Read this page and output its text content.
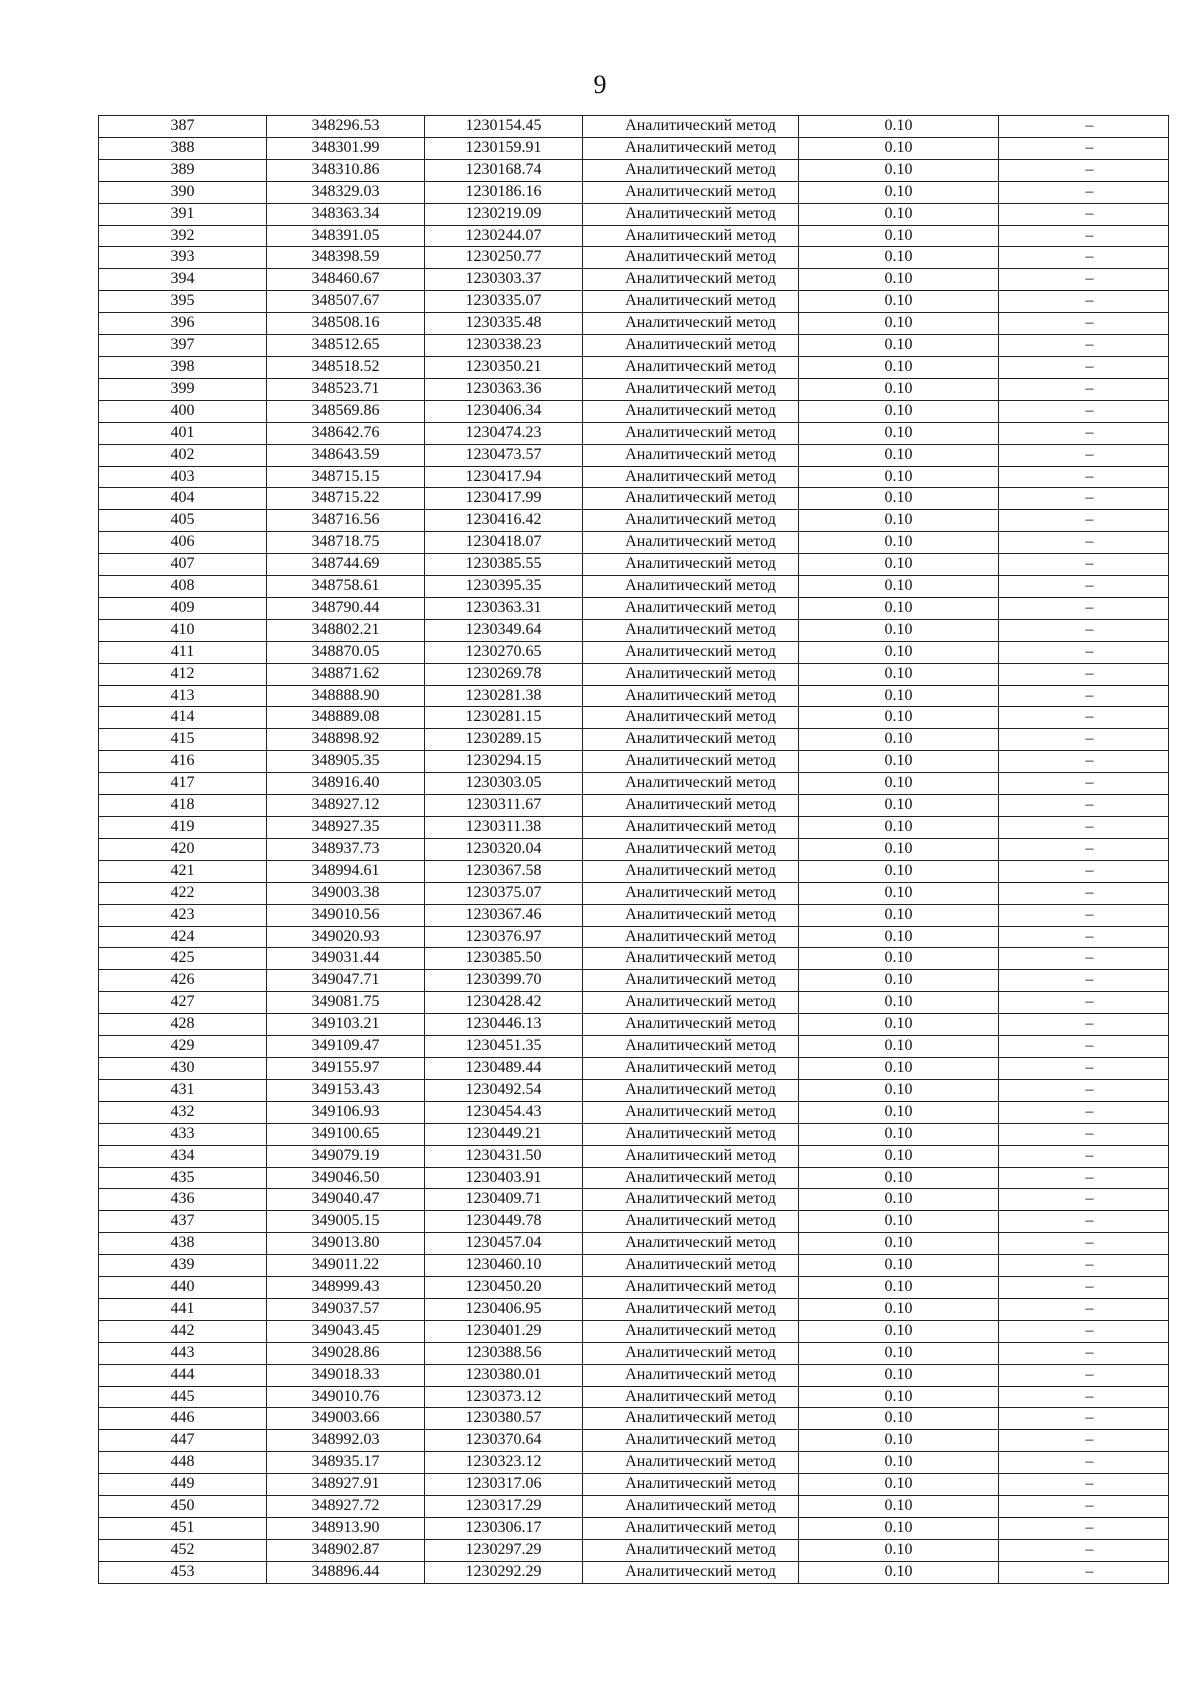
9
387	348296.53	1230154.45	Аналитический метод	0.10	–
388	348301.99	1230159.91	Аналитический метод	0.10	–
389	348310.86	1230168.74	Аналитический метод	0.10	–
390	348329.03	1230186.16	Аналитический метод	0.10	–
391	348363.34	1230219.09	Аналитический метод	0.10	–
392	348391.05	1230244.07	Аналитический метод	0.10	–
393	348398.59	1230250.77	Аналитический метод	0.10	–
394	348460.67	1230303.37	Аналитический метод	0.10	–
395	348507.67	1230335.07	Аналитический метод	0.10	–
396	348508.16	1230335.48	Аналитический метод	0.10	–
397	348512.65	1230338.23	Аналитический метод	0.10	–
398	348518.52	1230350.21	Аналитический метод	0.10	–
399	348523.71	1230363.36	Аналитический метод	0.10	–
400	348569.86	1230406.34	Аналитический метод	0.10	–
401	348642.76	1230474.23	Аналитический метод	0.10	–
402	348643.59	1230473.57	Аналитический метод	0.10	–
403	348715.15	1230417.94	Аналитический метод	0.10	–
404	348715.22	1230417.99	Аналитический метод	0.10	–
405	348716.56	1230416.42	Аналитический метод	0.10	–
406	348718.75	1230418.07	Аналитический метод	0.10	–
407	348744.69	1230385.55	Аналитический метод	0.10	–
408	348758.61	1230395.35	Аналитический метод	0.10	–
409	348790.44	1230363.31	Аналитический метод	0.10	–
410	348802.21	1230349.64	Аналитический метод	0.10	–
411	348870.05	1230270.65	Аналитический метод	0.10	–
412	348871.62	1230269.78	Аналитический метод	0.10	–
413	348888.90	1230281.38	Аналитический метод	0.10	–
414	348889.08	1230281.15	Аналитический метод	0.10	–
415	348898.92	1230289.15	Аналитический метод	0.10	–
416	348905.35	1230294.15	Аналитический метод	0.10	–
417	348916.40	1230303.05	Аналитический метод	0.10	–
418	348927.12	1230311.67	Аналитический метод	0.10	–
419	348927.35	1230311.38	Аналитический метод	0.10	–
420	348937.73	1230320.04	Аналитический метод	0.10	–
421	348994.61	1230367.58	Аналитический метод	0.10	–
422	349003.38	1230375.07	Аналитический метод	0.10	–
423	349010.56	1230367.46	Аналитический метод	0.10	–
424	349020.93	1230376.97	Аналитический метод	0.10	–
425	349031.44	1230385.50	Аналитический метод	0.10	–
426	349047.71	1230399.70	Аналитический метод	0.10	–
427	349081.75	1230428.42	Аналитический метод	0.10	–
428	349103.21	1230446.13	Аналитический метод	0.10	–
429	349109.47	1230451.35	Аналитический метод	0.10	–
430	349155.97	1230489.44	Аналитический метод	0.10	–
431	349153.43	1230492.54	Аналитический метод	0.10	–
432	349106.93	1230454.43	Аналитический метод	0.10	–
433	349100.65	1230449.21	Аналитический метод	0.10	–
434	349079.19	1230431.50	Аналитический метод	0.10	–
435	349046.50	1230403.91	Аналитический метод	0.10	–
436	349040.47	1230409.71	Аналитический метод	0.10	–
437	349005.15	1230449.78	Аналитический метод	0.10	–
438	349013.80	1230457.04	Аналитический метод	0.10	–
439	349011.22	1230460.10	Аналитический метод	0.10	–
440	348999.43	1230450.20	Аналитический метод	0.10	–
441	349037.57	1230406.95	Аналитический метод	0.10	–
442	349043.45	1230401.29	Аналитический метод	0.10	–
443	349028.86	1230388.56	Аналитический метод	0.10	–
444	349018.33	1230380.01	Аналитический метод	0.10	–
445	349010.76	1230373.12	Аналитический метод	0.10	–
446	349003.66	1230380.57	Аналитический метод	0.10	–
447	348992.03	1230370.64	Аналитический метод	0.10	–
448	348935.17	1230323.12	Аналитический метод	0.10	–
449	348927.91	1230317.06	Аналитический метод	0.10	–
450	348927.72	1230317.29	Аналитический метод	0.10	–
451	348913.90	1230306.17	Аналитический метод	0.10	–
452	348902.87	1230297.29	Аналитический метод	0.10	–
453	348896.44	1230292.29	Аналитический метод	0.10	–
